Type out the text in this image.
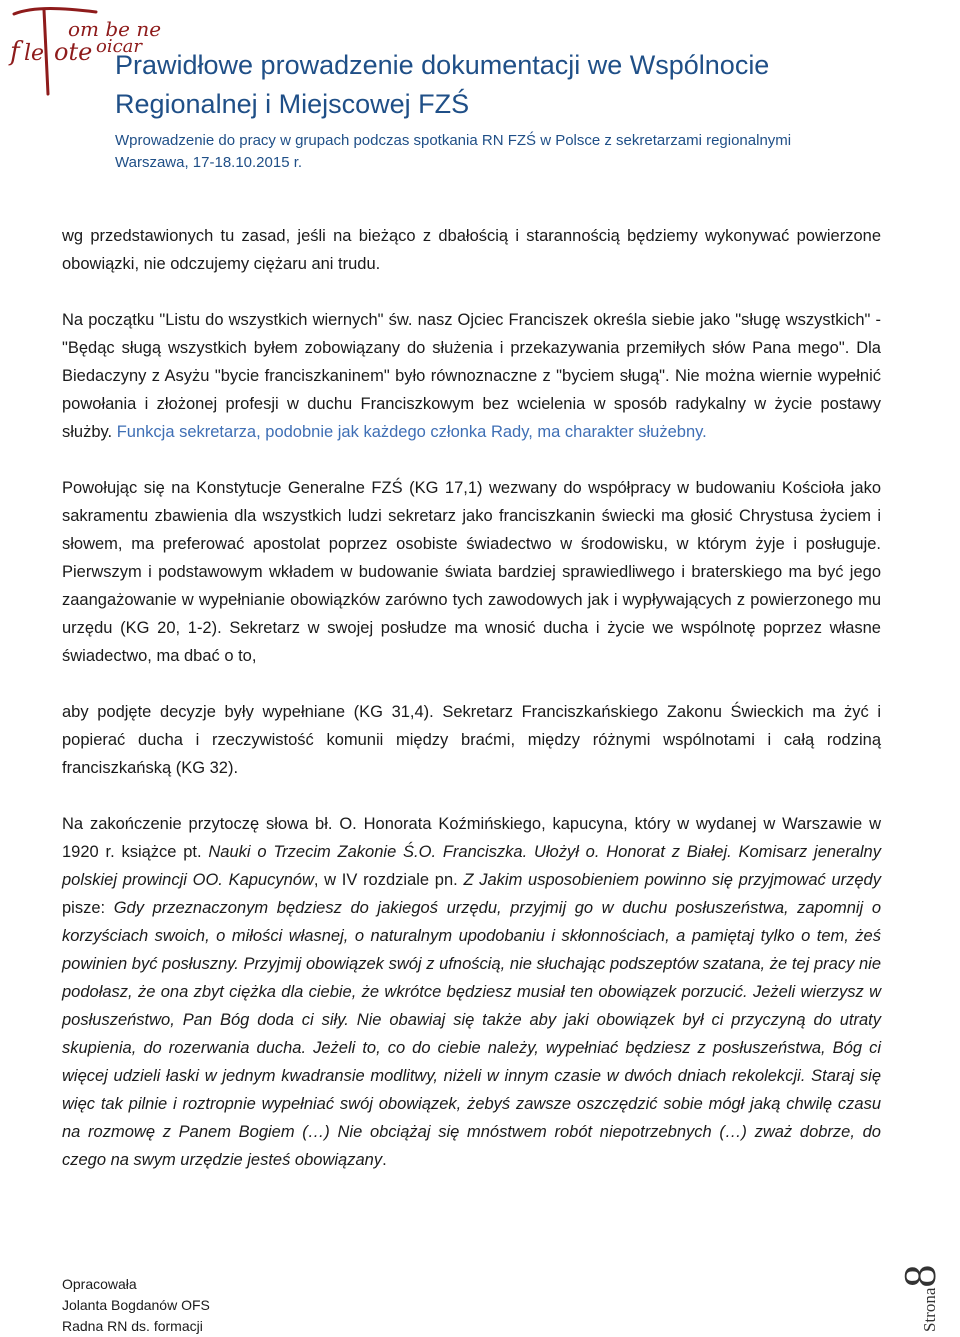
om be ne
f le ote oicar
Prawidłowe prowadzenie dokumentacji we Wspólnocie
Regionalnej i Miejscowej FZŚ
Wprowadzenie do pracy w grupach podczas spotkania RN FZŚ w Polsce z sekretarzami regionalnymi
Warszawa, 17-18.10.2015 r.

wg przedstawionych tu zasad, jeśli na bieżąco z dbałością i starannością będziemy wykonywać powierzone obowiązki, nie odczujemy ciężaru ani trudu.

Na początku "Listu do wszystkich wiernych" św. nasz Ojciec Franciszek określa siebie jako "sługę wszystkich" - "Będąc sługą wszystkich byłem zobowiązany do służenia i przekazywania przemiłych słów Pana mego". Dla Biedaczyny z Asyżu "bycie franciszkaninem" było równoznaczne z "byciem sługą". Nie można wiernie wypełnić powołania i złożonej profesji w duchu Franciszkowym bez wcielenia w sposób radykalny w życie postawy służby. Funkcja sekretarza, podobnie jak każdego członka Rady, ma charakter służebny.

Powołując się na Konstytucje Generalne FZŚ (KG 17,1) wezwany do współpracy w budowaniu Kościoła jako sakramentu zbawienia dla wszystkich ludzi sekretarz jako franciszkanin świecki ma głosić Chrystusa życiem i słowem, ma preferować apostolat poprzez osobiste świadectwo w środowisku, w którym żyje i posługuje. Pierwszym i podstawowym wkładem w budowanie świata bardziej sprawiedliwego i braterskiego ma być jego zaangażowanie w wypełnianie obowiązków zarówno tych zawodowych jak i wypływających z powierzonego mu urzędu (KG 20, 1-2). Sekretarz w swojej posłudze ma wnosić ducha i życie we wspólnotę poprzez własne świadectwo, ma dbać o to,

aby podjęte decyzje były wypełniane (KG 31,4). Sekretarz Franciszkańskiego Zakonu Świeckich ma żyć i popierać ducha i rzeczywistość komunii między braćmi, między różnymi wspólnotami i całą rodziną franciszkańską (KG 32).

Na zakończenie przytoczę słowa bł. O. Honorata Koźmińskiego, kapucyna, który w wydanej w Warszawie w 1920 r. książce pt. Nauki o Trzecim Zakonie Ś.O. Franciszka. Ułożył o. Honorat z Białej. Komisarz jeneralny polskiej prowincji OO. Kapucynów, w IV rozdziale pn. Z Jakim usposobieniem powinno się przyjmować urzędy pisze: Gdy przeznaczonym będziesz do jakiegoś urzędu, przyjmij go w duchu posłuszeństwa, zapomnij o korzyściach swoich, o miłości własnej, o naturalnym upodobaniu i skłonnościach, a pamiętaj tylko o tem, żeś powinien być posłuszny. Przyjmij obowiązek swój z ufnością, nie słuchając podszeptów szatana, że tej pracy nie podołasz, że ona zbyt ciężka dla ciebie, że wkrótce będziesz musiał ten obowiązek porzucić. Jeżeli wierzysz w posłuszeństwo, Pan Bóg doda ci siły. Nie obawiaj się także aby jaki obowiązek był ci przyczyną do utraty skupienia, do rozerwania duchа. Jeżeli to, co do ciebie należy, wypełniać będziesz z posłuszeństwa, Bóg ci więcej udzieli łaski w jednym kwadransie modlitwy, niżeli w innym czasie w dwóch dniach rekolekcji. Staraj się więc tak pilnie i roztropnie wypełniać swój obowiązek, żebyś zawsze oszczędzić sobie mógł jaką chwilę czasu na rozmowę z Panem Bogiem (…) Nie obciążaj się mnóstwem robót niepotrzebnych (…) zważ dobrze, do czego na swym urzędzie jesteś obowiązany.

Opracowała
Jolanta Bogdanów OFS
Radna RN ds. formacji	Strona8
